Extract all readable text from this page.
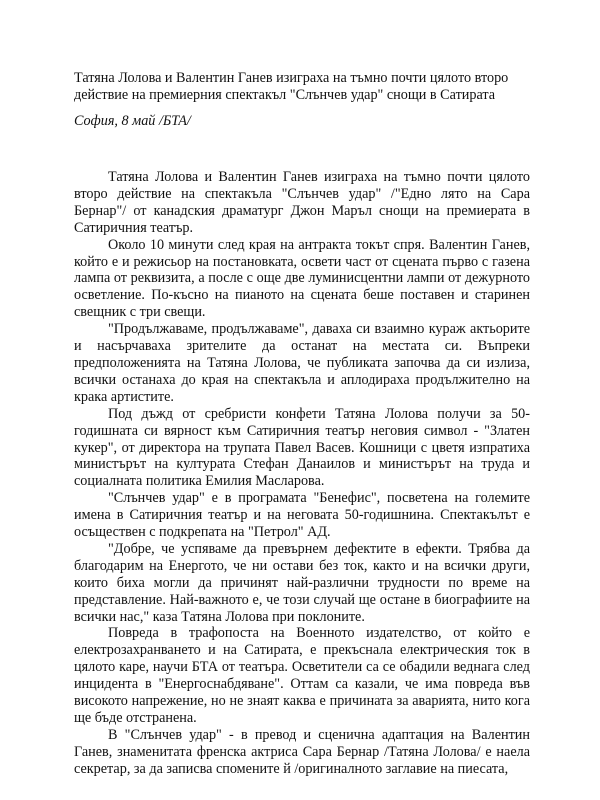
Татяна Лолова и Валентин Ганев изиграха на тъмно почти цялото второ действие на премиерния спектакъл "Слънчев удар" снощи в Сатирата

София, 8 май /БТА/

Татяна Лолова и Валентин Ганев изиграха на тъмно почти цялото второ действие на спектакъла "Слънчев удар" /"Едно лято на Сара Бернар"/ от канадския драматург Джон Маръл снощи на премиерата в Сатиричния театър.

Около 10 минути след края на антракта токът спря. Валентин Ганев, който е и режисьор на постановката, освети част от сцената първо с газена лампа от реквизита, а после с още две луминисцентни лампи от дежурното осветление. По-късно на пианото на сцената беше поставен и старинен свещник с три свещи.

"Продължаваме, продължаваме", даваха си взаимно кураж актьорите и насърчаваха зрителите да останат на местата си. Въпреки предположенията на Татяна Лолова, че публиката започва да си излиза, всички останаха до края на спектакъла и аплодираха продължително на крака артистите.

Под дъжд от сребристи конфети Татяна Лолова получи за 50-годишната си вярност към Сатиричния театър неговия символ - "Златен кукер", от директора на трупата Павел Васев. Кошници с цветя изпратиха министърът на културата Стефан Данаилов и министърът на труда и социалната политика Емилия Масларова.

"Слънчев удар" е в програмата "Бенефис", посветена на големите имена в Сатиричния театър и на неговата 50-годишнина. Спектакълът е осъществен с подкрепата на "Петрол" АД.

"Добре, че успяваме да превърнем дефектите в ефекти. Трябва да благодарим на Енергото, че ни остави без ток, както и на всички други, които биха могли да причинят най-различни трудности по време на представление. Най-важното е, че този случай ще остане в биографиите на всички нас," каза Татяна Лолова при поклоните.

Повреда в трафопоста на Военното издателство, от който е електрозахранването и на Сатирата, е прекъснала електрическия ток в цялото каре, научи БТА от театъра. Осветители са се обадили веднага след инцидента в "Енергоснабдяване". Оттам са казали, че има повреда във високото напрежение, но не знаят каква е причината за аварията, нито кога ще бъде отстранена.

В "Слънчев удар" - в превод и сценична адаптация на Валентин Ганев, знаменитата френска актриса Сара Бернар /Татяна Лолова/ е наела секретар, за да записва спомените й /оригиналното заглавие на пиесата,
